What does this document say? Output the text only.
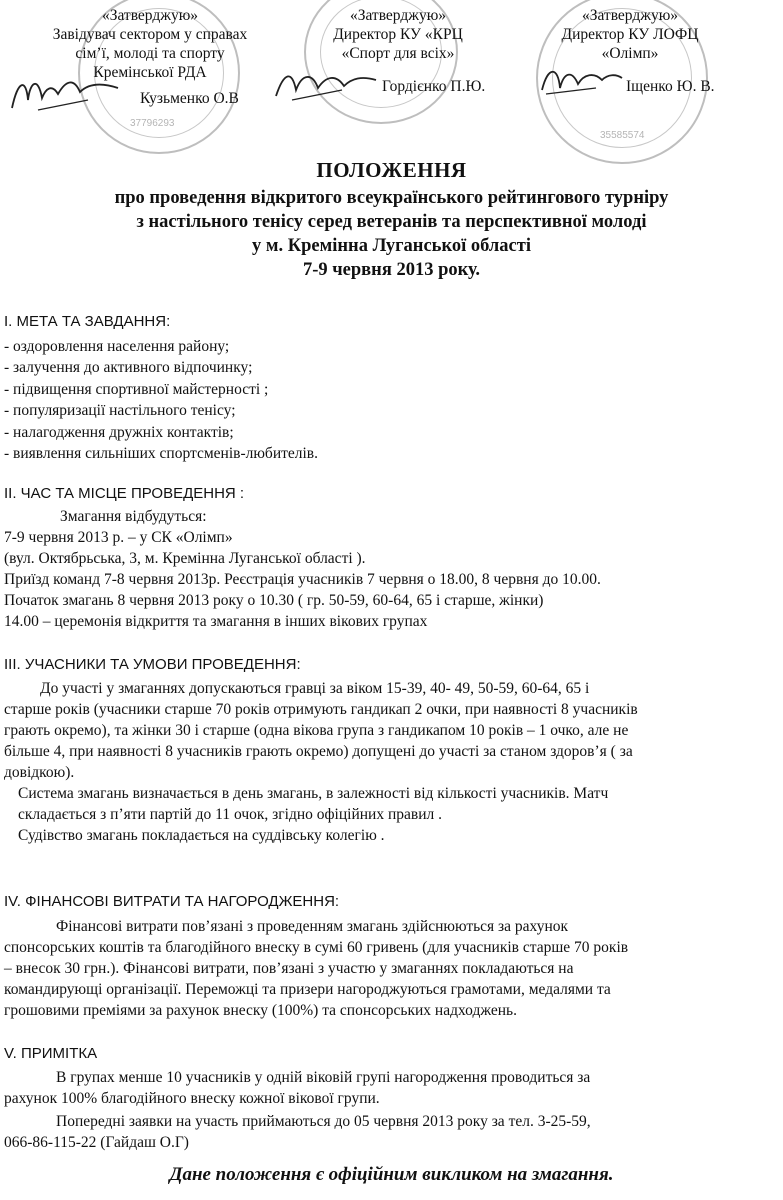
37796293
35585574
«Затверджую»
Завідувач сектором у справах
сім’ї, молоді та спорту
Кремінської РДА
Кузьменко О.В
«Затверджую»
Директор КУ «КРЦ
«Спорт для всіх»
Гордієнко П.Ю.
«Затверджую»
Директор КУ ЛОФЦ
«Олімп»
Іщенко Ю. В.
ПОЛОЖЕННЯ
про проведення відкритого всеукраїнського рейтингового турніру
з настільного тенісу серед ветеранів та перспективної молоді
у м. Кремінна Луганської області
7-9 червня 2013 року.
I. МЕТА ТА ЗАВДАННЯ:
- оздоровлення населення району;
- залучення до активного відпочинку;
- підвищення спортивної майстерності ;
- популяризації настільного тенісу;
- налагодження дружніх контактів;
- виявлення сильніших спортсменів-любителів.
II. ЧАС ТА МІСЦЕ ПРОВЕДЕННЯ :
Змагання відбудуться:
7-9 червня 2013 р. – у СК «Олімп»
(вул. Октябрьська, 3, м. Кремінна Луганської області ).
Приїзд команд 7-8 червня 2013р. Реєстрація учасників 7 червня о 18.00, 8 червня до 10.00.
Початок змагань 8 червня 2013 року о 10.30 ( гр. 50-59, 60-64, 65 і старше, жінки)
14.00 – церемонія відкриття та змагання в інших вікових групах
III. УЧАСНИКИ ТА УМОВИ ПРОВЕДЕННЯ:
До участі у змаганнях допускаються гравці за віком 15-39, 40- 49, 50-59, 60-64, 65 і
старше років (учасники старше 70 років отримують гандикап 2 очки, при наявності 8 учасників
грають окремо), та жінки 30 і старше (одна вікова група з гандикапом 10 років – 1 очко, але не
більше 4, при наявності 8 учасників грають окремо) допущені до участі за станом здоров’я ( за
довідкою).
Система змагань визначається в день змагань, в залежності від кількості учасників. Матч
складається з п’яти партій до 11 очок, згідно офіційних правил .
Судівство змагань покладається на суддівську колегію .
IV. ФІНАНСОВІ ВИТРАТИ ТА НАГОРОДЖЕННЯ:
Фінансові витрати пов’язані з проведенням змагань здійснюються за рахунок
спонсорських коштів та благодійного внеску в сумі 60 гривень (для учасників старше 70 років
– внесок 30 грн.). Фінансові витрати, пов’язані з участю у змаганнях покладаються на
командирующі організації. Переможці та призери нагороджуються грамотами, медалями та
грошовими преміями за рахунок внеску (100%) та спонсорських надходжень.
V. ПРИМІТКА
В групах менше 10 учасників у одній віковій групі нагородження проводиться за
рахунок 100% благодійного внеску кожної вікової групи.
Попередні заявки на участь приймаються до 05 червня 2013 року за тел. 3-25-59,
066-86-115-22 (Гайдаш О.Г)
Дане положення є офіційним викликом на змагання.
